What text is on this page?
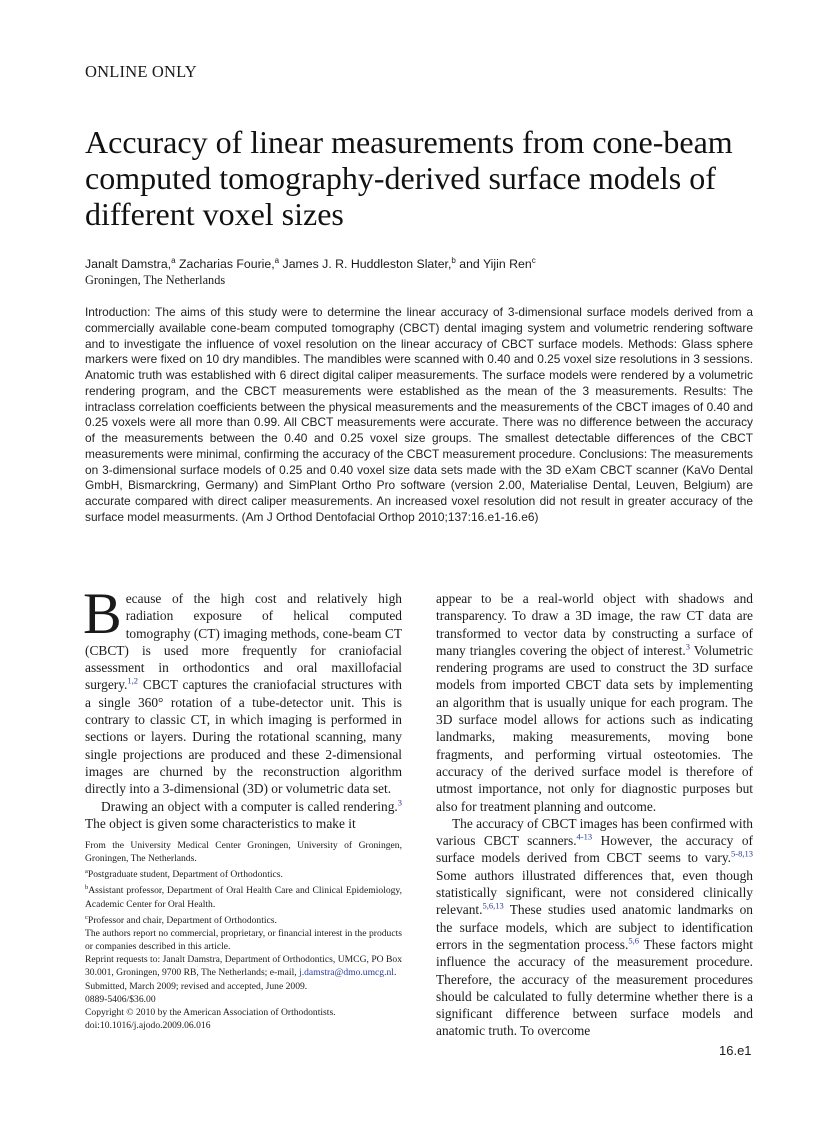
ONLINE ONLY
Accuracy of linear measurements from cone-beam computed tomography-derived surface models of different voxel sizes
Janalt Damstra,$^a$ Zacharias Fourie,$^a$ James J. R. Huddleston Slater,$^b$ and Yijin Ren$^c$
Groningen, The Netherlands
Introduction: The aims of this study were to determine the linear accuracy of 3-dimensional surface models derived from a commercially available cone-beam computed tomography (CBCT) dental imaging system and volumetric rendering software and to investigate the influence of voxel resolution on the linear accuracy of CBCT surface models. Methods: Glass sphere markers were fixed on 10 dry mandibles. The mandibles were scanned with 0.40 and 0.25 voxel size resolutions in 3 sessions. Anatomic truth was established with 6 direct digital caliper measurements. The surface models were rendered by a volumetric rendering program, and the CBCT measurements were established as the mean of the 3 measurements. Results: The intraclass correlation coefficients between the physical measurements and the measurements of the CBCT images of 0.40 and 0.25 voxels were all more than 0.99. All CBCT measurements were accurate. There was no difference between the accuracy of the measurements between the 0.40 and 0.25 voxel size groups. The smallest detectable differences of the CBCT measurements were minimal, confirming the accuracy of the CBCT measurement procedure. Conclusions: The measurements on 3-dimensional surface models of 0.25 and 0.40 voxel size data sets made with the 3D eXam CBCT scanner (KaVo Dental GmbH, Bismarckring, Germany) and SimPlant Ortho Pro software (version 2.00, Materialise Dental, Leuven, Belgium) are accurate compared with direct caliper measurements. An increased voxel resolution did not result in greater accuracy of the surface model measurments. (Am J Orthod Dentofacial Orthop 2010;137:16.e1-16.e6)

Because of the high cost and relatively high radiation exposure of helical computed tomography (CT) imaging methods, cone-beam CT (CBCT) is used more frequently for craniofacial assessment in orthodontics and oral maxillofacial surgery.$^{1,2}$ CBCT captures the craniofacial structures with a single 360° rotation of a tube-detector unit. This is contrary to classic CT, in which imaging is performed in sections or layers. During the rotational scanning, many single projections are produced and these 2-dimensional images are churned by the reconstruction algorithm directly into a 3-dimensional (3D) or volumetric data set.

Drawing an object with a computer is called rendering.$^3$ The object is given some characteristics to make it

appear to be a real-world object with shadows and transparency. To draw a 3D image, the raw CT data are transformed to vector data by constructing a surface of many triangles covering the object of interest.$^3$ Volumetric rendering programs are used to construct the 3D surface models from imported CBCT data sets by implementing an algorithm that is usually unique for each program. The 3D surface model allows for actions such as indicating landmarks, making measurements, moving bone fragments, and performing virtual osteotomies. The accuracy of the derived surface model is therefore of utmost importance, not only for diagnostic purposes but also for treatment planning and outcome.

The accuracy of CBCT images has been confirmed with various CBCT scanners.$^{4-13}$ However, the accuracy of surface models derived from CBCT seems to vary.$^{5-8,13}$ Some authors illustrated differences that, even though statistically significant, were not considered clinically relevant.$^{5,6,13}$ These studies used anatomic landmarks on the surface models, which are subject to identification errors in the segmentation process.$^{5,6}$ These factors might influence the accuracy of the measurement procedure. Therefore, the accuracy of the measurement procedures should be calculated to fully determine whether there is a significant difference between surface models and anatomic truth. To overcome

From the University Medical Center Groningen, University of Groningen, Groningen, The Netherlands.
$^a$Postgraduate student, Department of Orthodontics.
$^b$Assistant professor, Department of Oral Health Care and Clinical Epidemiology, Academic Center for Oral Health.
$^c$Professor and chair, Department of Orthodontics.
The authors report no commercial, proprietary, or financial interest in the products or companies described in this article.
Reprint requests to: Janalt Damstra, Department of Orthodontics, UMCG, PO Box 30.001, Groningen, 9700 RB, The Netherlands; e-mail, j.damstra@dmo.umcg.nl.
Submitted, March 2009; revised and accepted, June 2009.
0889-5406/$36.00
Copyright © 2010 by the American Association of Orthodontists.
doi:10.1016/j.ajodo.2009.06.016
16.e1
